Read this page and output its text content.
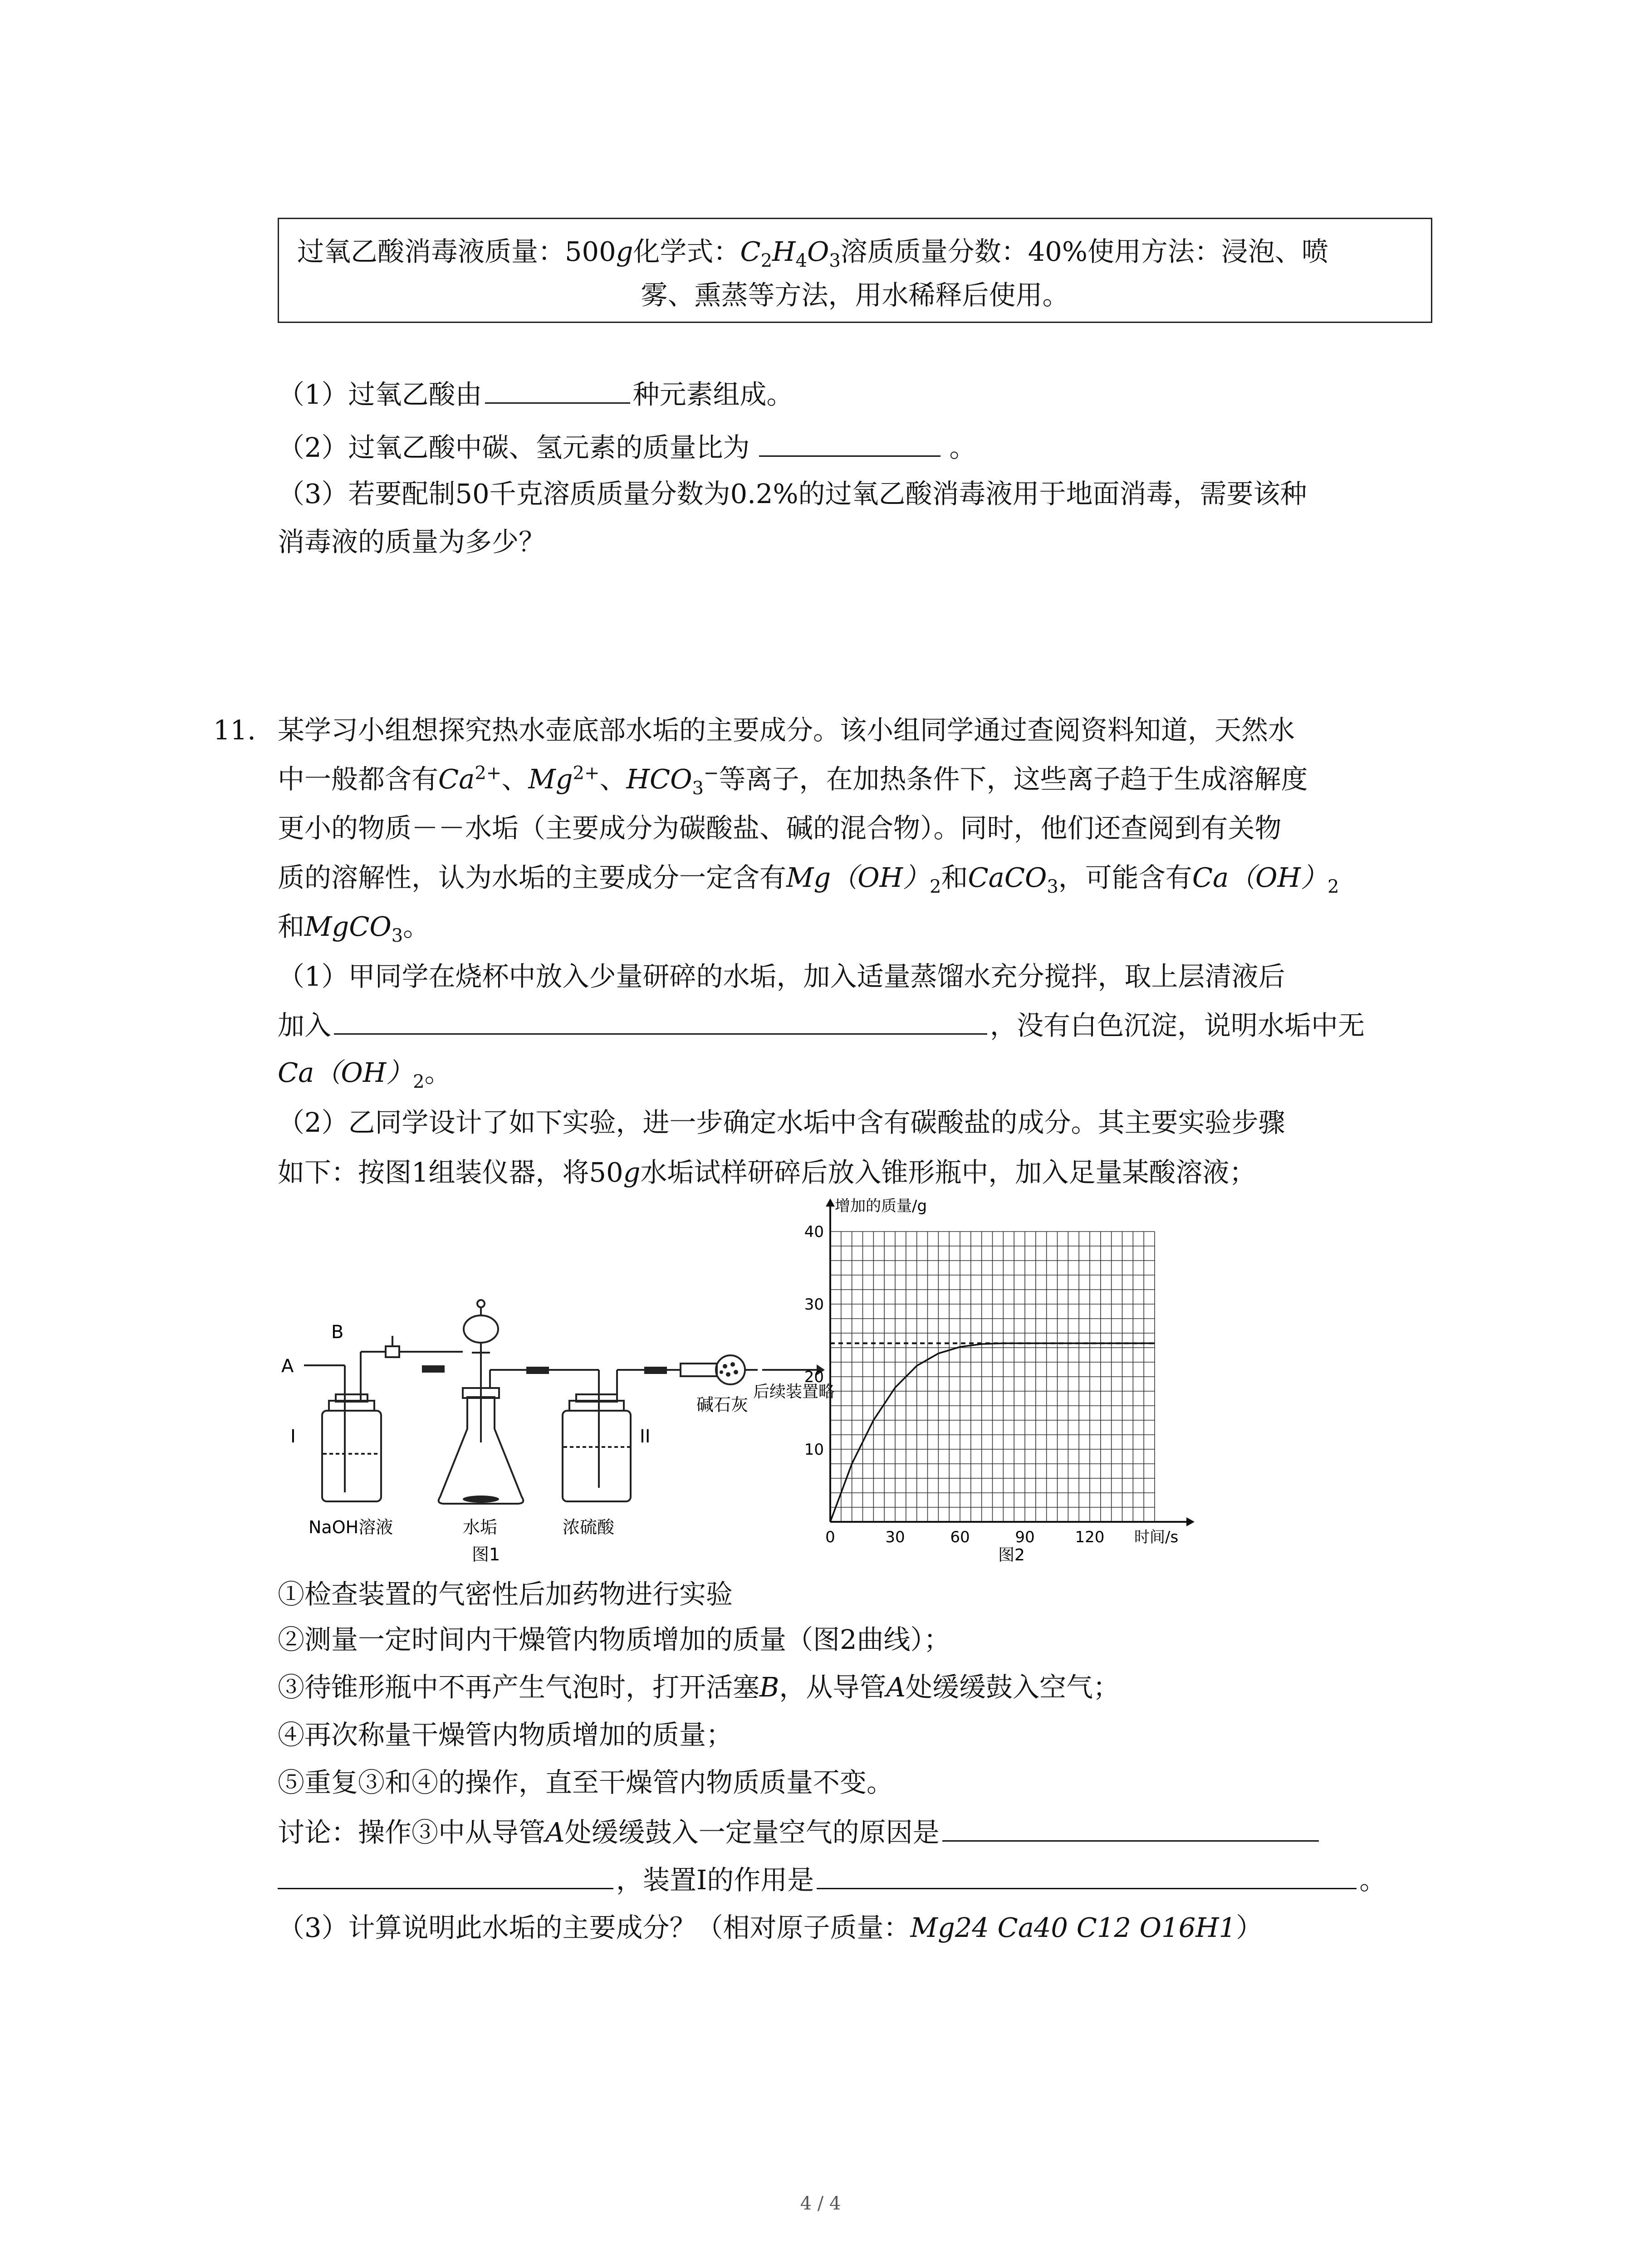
过氧乙酸消毒液质量：500g化学式：$C_2H_4O_3$溶质质量分数：40%使用方法：浸泡、喷
雾、熏蒸等方法，用水稀释后使用。
（1）过氧乙酸由	种元素组成。
（2）过氧乙酸中碳、氢元素的质量比为	。
（3）若要配制50千克溶质质量分数为0.2%的过氧乙酸消毒液用于地面消毒，需要该种
消毒液的质量为多少？
11. 某学习小组想探究热水壶底部水垢的主要成分。该小组同学通过查阅资料知道，天然水
中一般都含有$Ca^{2+}$、$Mg^{2+}$、$HCO_3^-$等离子，在加热条件下，这些离子趋于生成溶解度
更小的物质－－水垢（主要成分为碳酸盐、碱的混合物）。同时，他们还查阅到有关物
质的溶解性，认为水垢的主要成分一定含有$Mg(OH)_2$和CaCO$_3$，可能含有$Ca(OH)_2$
和MgCO$_3$。
（1）甲同学在烧杯中放入少量研碎的水垢，加入适量蒸馏水充分搅拌，取上层清液后
加入	，没有白色沉淀，说明水垢中无
$Ca(OH)_2$。
（2）乙同学设计了如下实验，进一步确定水垢中含有碳酸盐的成分。其主要实验步骤
如下：按图1组装仪器，将50g水垢试样研碎后放入锥形瓶中，加入足量某酸溶液；
A
B
I	II
NaOH溶液	水垢	浓硫酸
碱石灰
后续装置略
图1
0	30	60	90	120
10
20
30
40
增加的质量/g
时间/s
图2
①检查装置的气密性后加药物进行实验
②测量一定时间内干燥管内物质增加的质量（图2曲线）；
③待锥形瓶中不再产生气泡时，打开活塞B，从导管A处缓缓鼓入空气；
④再次称量干燥管内物质增加的质量；
⑤重复③和④的操作，直至干燥管内物质质量不变。
讨论：操作③中从导管A处缓缓鼓入一定量空气的原因是
，装置Ⅰ的作用是	。
（3）计算说明此水垢的主要成分？（相对原子质量：Mg24 Ca40 C12 O16H1）
4 / 4
